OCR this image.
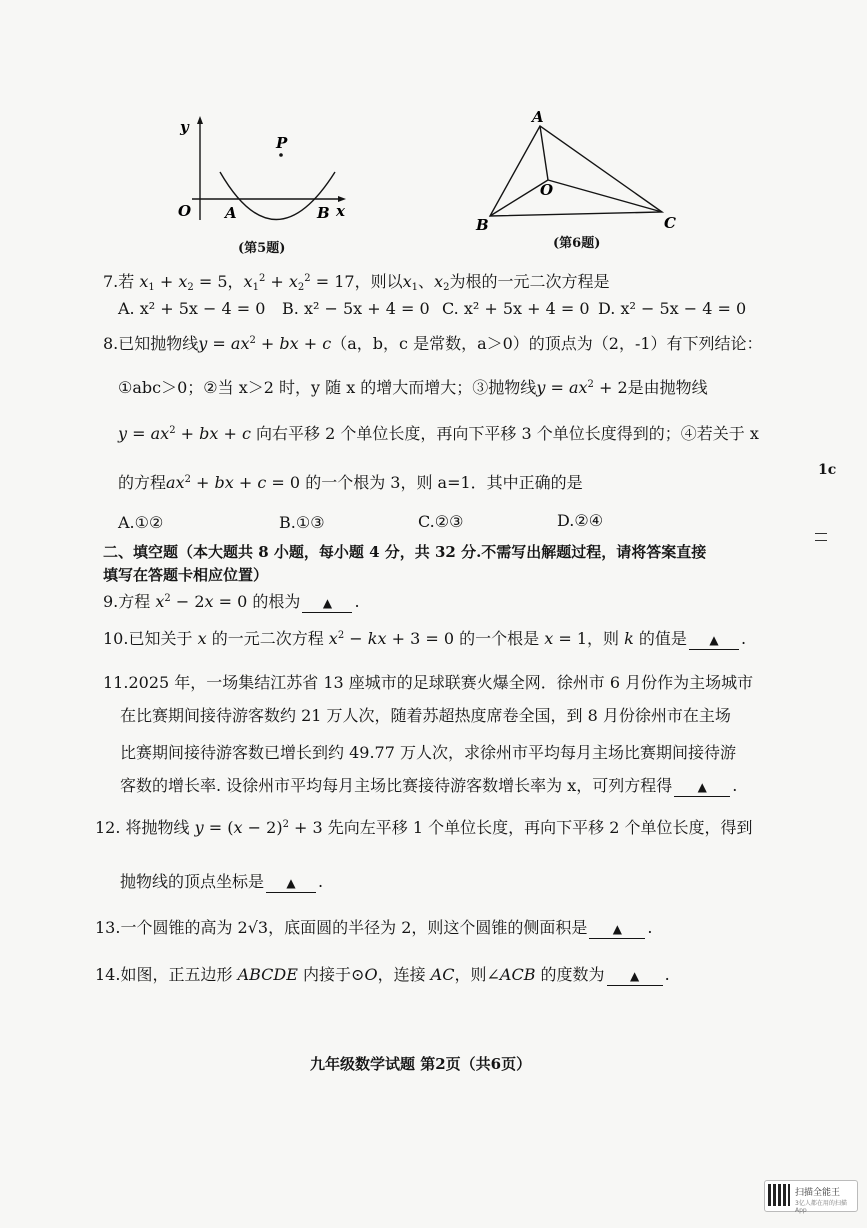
y
x
O A	B
P
(第5题)
A
B	C
O
(第6题)
7.若 $x_1 + x_2 = 5$，$x_1^2 + x_2^2 = 17$，则以$x_1$、$x_2$为根的一元二次方程是
A. x² + 5x − 4 = 0 B. x² − 5x + 4 = 0 C. x² + 5x + 4 = 0 D. x² − 5x − 4 = 0
8.已知抛物线$y = ax^2$ + bx + c（a，b，c 是常数，a＞0）的顶点为（2，-1）有下列结论：
①abc＞0；②当 x＞2 时，y 随 x 的增大而增大；③抛物线$y = ax^2 + 2$是由抛物线
$y = ax^2$ + bx + c 向右平移 2 个单位长度，再向下平移 3 个单位长度得到的；④若关于 x
的方程$ax^2$ + bx + c = 0 的一个根为 3，则 a=1．其中正确的是
A.①②	B.①③	C.②③	D.②④
二、填空题（本大题共 8 小题，每小题 4 分，共 32 分.不需写出解题过程，请将答案直接
填写在答题卡相应位置）
9.方程 $x^2 - 2x = 0$ 的根为 ▲ .
10.已知关于 x 的一元二次方程 $x^2$ − kx + 3 = 0 的一个根是 x = 1，则 k 的值是 ▲ .
11.2025 年，一场集结江苏省 13 座城市的足球联赛火爆全网．徐州市 6 月份作为主场城市
在比赛期间接待游客数约 21 万人次，随着苏超热度席卷全国，到 8 月份徐州市在主场
比赛期间接待游客数已增长到约 49.77 万人次，求徐州市平均每月主场比赛期间接待游
客数的增长率. 设徐州市平均每月主场比赛接待游客数增长率为 x，可列方程得 ▲ .
12. 将抛物线 $y = (x - 2)^2 + 3$ 先向左平移 1 个单位长度，再向下平移 2 个单位长度，得到
抛物线的顶点坐标是 ▲ .
13.一个圆锥的高为 2√3，底面圆的半径为 2，则这个圆锥的侧面积是 ▲ .
14.如图，正五边形 ABCDE 内接于⊙O，连接 AC，则∠ACB 的度数为 ▲ .
九年级数学试题 第2页（共6页）
1c
扫描全能王
3亿人都在用的扫描App
